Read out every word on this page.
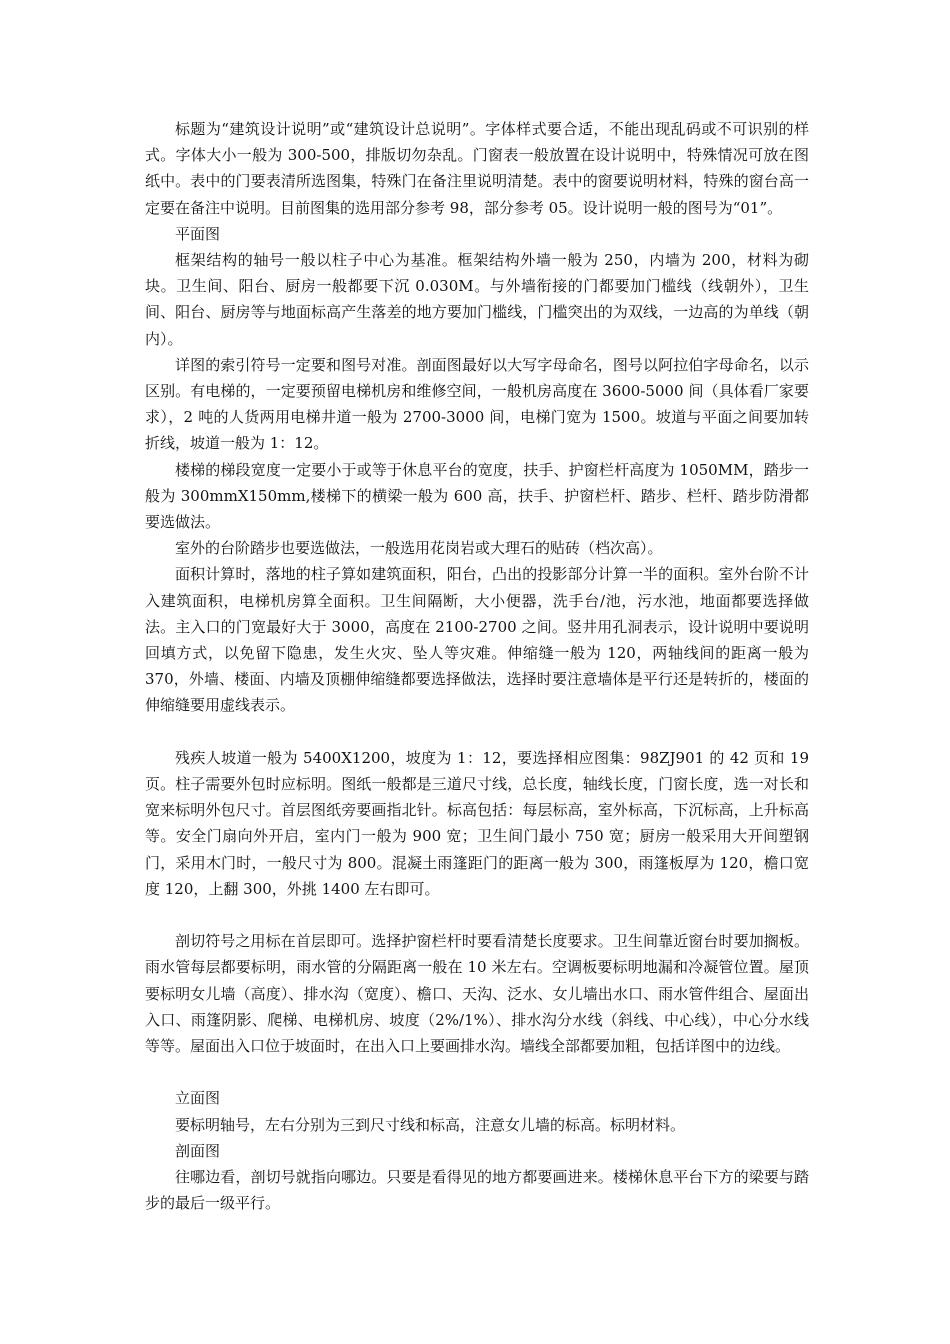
标题为“建筑设计说明”或“建筑设计总说明”。字体样式要合适，不能出现乱码或不可识别的样式。字体大小一般为 300-500，排版切勿杂乱。门窗表一般放置在设计说明中，特殊情况可放在图纸中。表中的门要表清所选图集，特殊门在备注里说明清楚。表中的窗要说明材料，特殊的窗台高一定要在备注中说明。目前图集的选用部分参考 98，部分参考 05。设计说明一般的图号为“01”。

平面图

框架结构的轴号一般以柱子中心为基准。框架结构外墙一般为 250，内墙为 200，材料为砌块。卫生间、阳台、厨房一般都要下沉 0.030M。与外墙衔接的门都要加门槛线（线朝外），卫生间、阳台、厨房等与地面标高产生落差的地方要加门槛线，门槛突出的为双线，一边高的为单线（朝内）。

详图的索引符号一定要和图号对准。剖面图最好以大写字母命名，图号以阿拉伯字母命名，以示区别。有电梯的，一定要预留电梯机房和维修空间，一般机房高度在 3600-5000 间（具体看厂家要求），2 吨的人货两用电梯井道一般为 2700-3000 间，电梯门宽为 1500。坡道与平面之间要加转折线，坡道一般为 1：12。

楼梯的梯段宽度一定要小于或等于休息平台的宽度，扶手、护窗栏杆高度为 1050MM，踏步一般为 300mmX150mm,楼梯下的横梁一般为 600 高，扶手、护窗栏杆、踏步、栏杆、踏步防滑都要选做法。

室外的台阶踏步也要选做法，一般选用花岗岩或大理石的贴砖（档次高）。

面积计算时，落地的柱子算如建筑面积，阳台，凸出的投影部分计算一半的面积。室外台阶不计入建筑面积，电梯机房算全面积。卫生间隔断，大小便器，洗手台/池，污水池，地面都要选择做法。主入口的门宽最好大于 3000，高度在 2100-2700 之间。竖井用孔洞表示，设计说明中要说明回填方式，以免留下隐患，发生火灾、坠人等灾难。伸缩缝一般为 120，两轴线间的距离一般为 370，外墙、楼面、内墙及顶棚伸缩缝都要选择做法，选择时要注意墙体是平行还是转折的，楼面的伸缩缝要用虚线表示。

残疾人坡道一般为 5400X1200，坡度为 1：12，要选择相应图集：98ZJ901 的 42 页和 19 页。柱子需要外包时应标明。图纸一般都是三道尺寸线，总长度，轴线长度，门窗长度，选一对长和宽来标明外包尺寸。首层图纸旁要画指北针。标高包括：每层标高，室外标高，下沉标高，上升标高等。安全门扇向外开启，室内门一般为 900 宽；卫生间门最小 750 宽；厨房一般采用大开间塑钢门，采用木门时，一般尺寸为 800。混凝土雨篷距门的距离一般为 300，雨篷板厚为 120，檐口宽度 120，上翻 300，外挑 1400 左右即可。

剖切符号之用标在首层即可。选择护窗栏杆时要看清楚长度要求。卫生间靠近窗台时要加搁板。雨水管每层都要标明，雨水管的分隔距离一般在 10 米左右。空调板要标明地漏和冷凝管位置。屋顶要标明女儿墙（高度）、排水沟（宽度）、檐口、天沟、泛水、女儿墙出水口、雨水管件组合、屋面出入口、雨篷阴影、爬梯、电梯机房、坡度（2%/1%）、排水沟分水线（斜线、中心线），中心分水线等等。屋面出入口位于坡面时，在出入口上要画排水沟。墙线全部都要加粗，包括详图中的边线。

立面图

要标明轴号，左右分别为三到尺寸线和标高，注意女儿墙的标高。标明材料。

剖面图

往哪边看，剖切号就指向哪边。只要是看得见的地方都要画进来。楼梯休息平台下方的梁要与踏步的最后一级平行。
